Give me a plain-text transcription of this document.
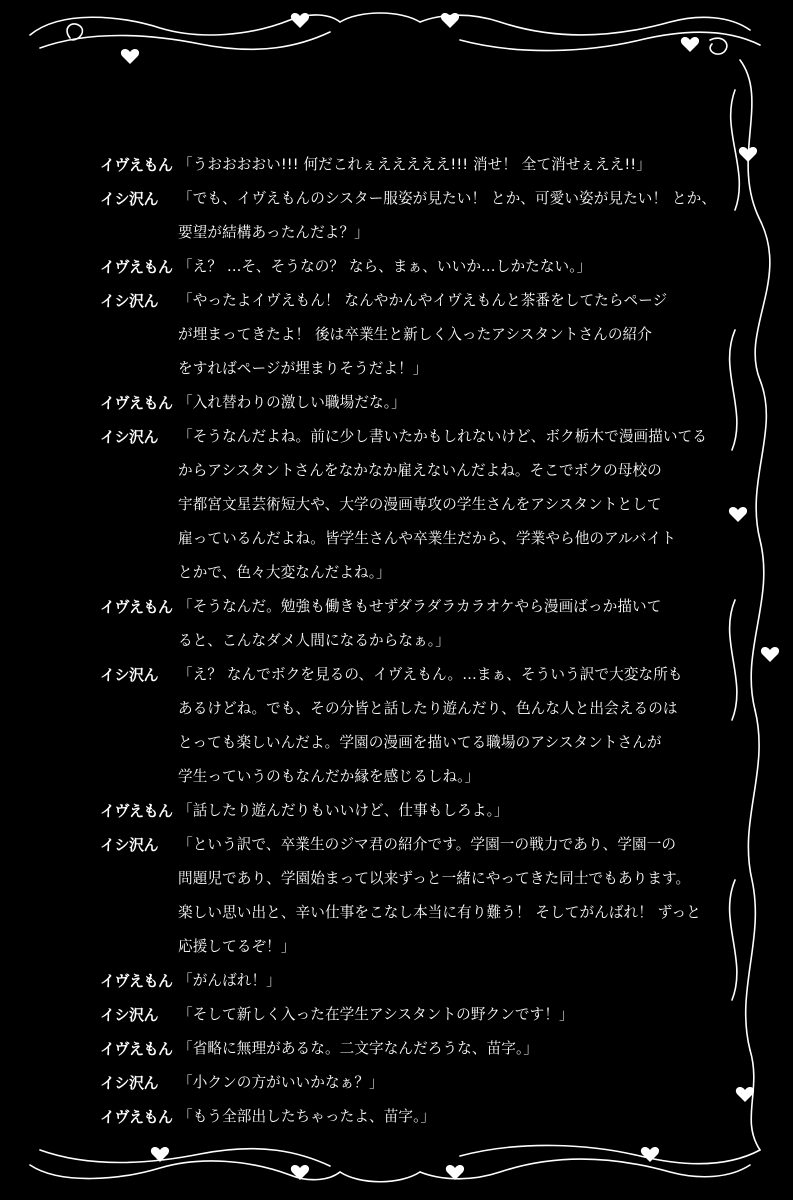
イヴえもん 「うおおおおい!!! 何だこれぇえええええ!!! 消せ！ 全て消せぇええ!!」
イシ沢ん	「でも、イヴえもんのシスター服姿が見たい！ とか、可愛い姿が見たい！ とか、
要望が結構あったんだよ？」
イヴえもん 「え？ …そ、そうなの？ なら、まぁ、いいか…しかたない。」
イシ沢ん	「やったよイヴえもん！ なんやかんやイヴえもんと茶番をしてたらページ
が埋まってきたよ！ 後は卒業生と新しく入ったアシスタントさんの紹介
をすればページが埋まりそうだよ！」
イヴえもん 「入れ替わりの激しい職場だな。」
イシ沢ん	「そうなんだよね。前に少し書いたかもしれないけど、ボク栃木で漫画描いてる
からアシスタントさんをなかなか雇えないんだよね。そこでボクの母校の
宇都宮文星芸術短大や、大学の漫画専攻の学生さんをアシスタントとして
雇っているんだよね。皆学生さんや卒業生だから、学業やら他のアルバイト
とかで、色々大変なんだよね。」
イヴえもん 「そうなんだ。勉強も働きもせずダラダラカラオケやら漫画ばっか描いて
ると、こんなダメ人間になるからなぁ。」
イシ沢ん	「え？ なんでボクを見るの、イヴえもん。…まぁ、そういう訳で大変な所も
あるけどね。でも、その分皆と話したり遊んだり、色んな人と出会えるのは
とっても楽しいんだよ。学園の漫画を描いてる職場のアシスタントさんが
学生っていうのもなんだか縁を感じるしね。」
イヴえもん 「話したり遊んだりもいいけど、仕事もしろよ。」
イシ沢ん	「という訳で、卒業生のジマ君の紹介です。学園一の戦力であり、学園一の
問題児であり、学園始まって以来ずっと一緒にやってきた同士でもあります。
楽しい思い出と、辛い仕事をこなし本当に有り難う！ そしてがんばれ！ ずっと
応援してるぞ！」
イヴえもん 「がんばれ！」
イシ沢ん	「そして新しく入った在学生アシスタントの野クンです！」
イヴえもん 「省略に無理があるな。二文字なんだろうな、苗字。」
イシ沢ん	「小クンの方がいいかなぁ？」
イヴえもん 「もう全部出したちゃったよ、苗字。」
